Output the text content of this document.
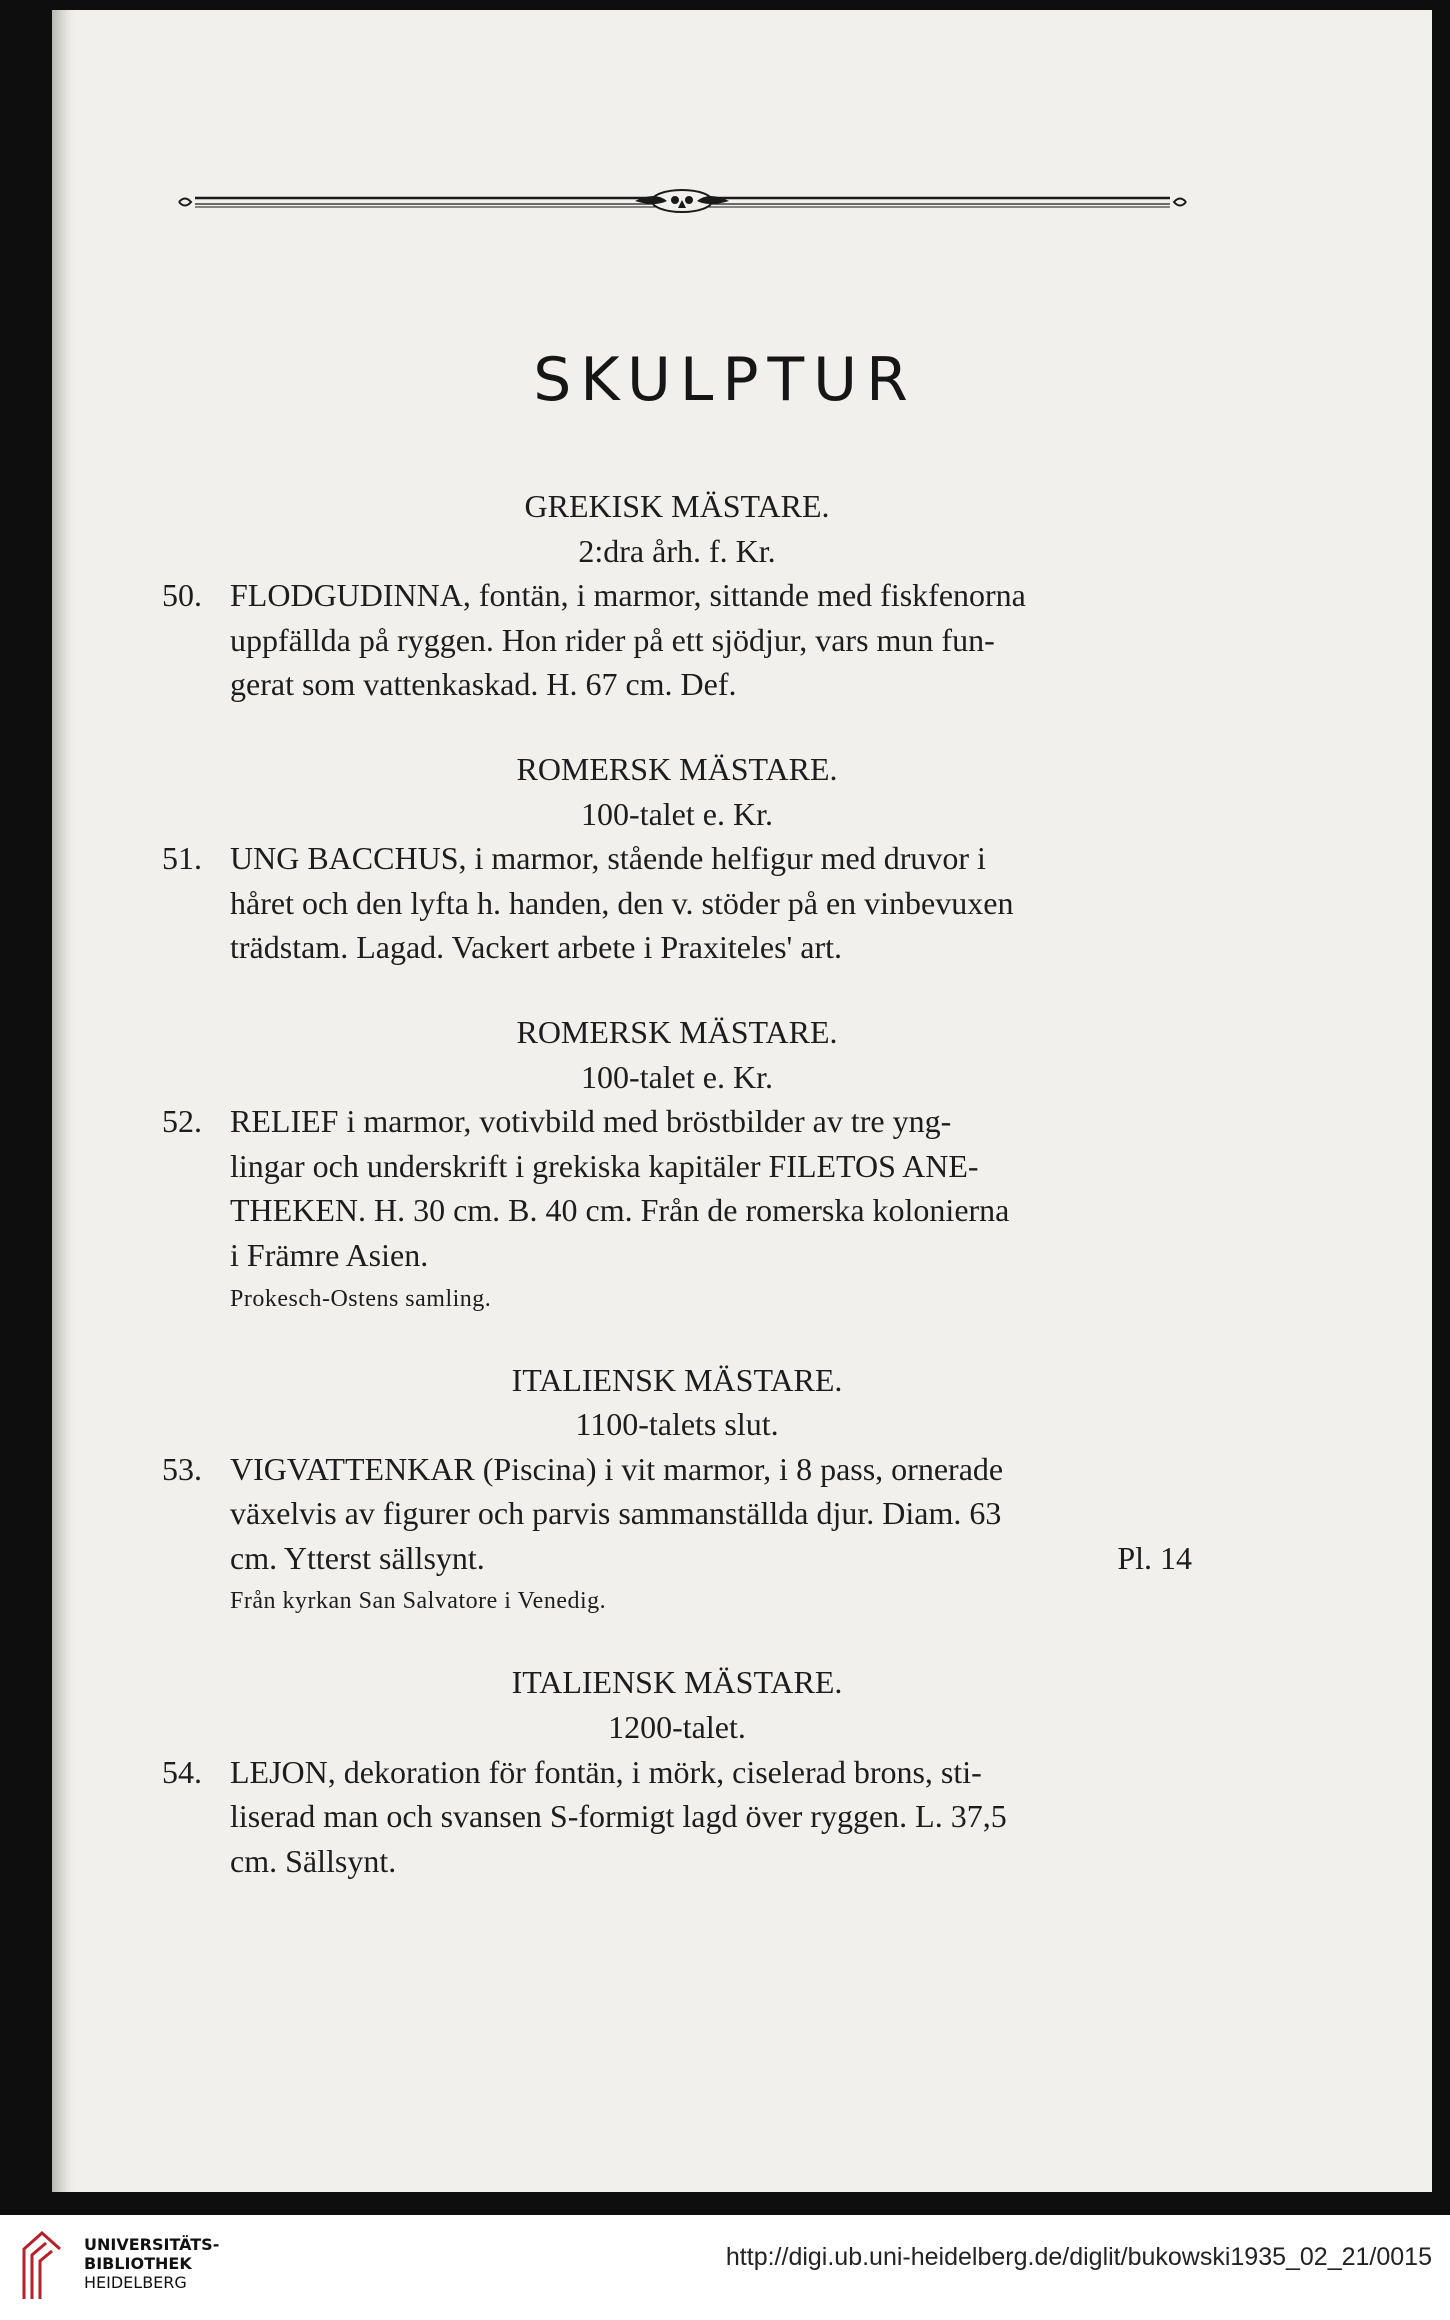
SKULPTUR
GREKISK MÄSTARE.
2:dra årh. f. Kr.
50. FLODGUDINNA, fontän, i marmor, sittande med fiskfenorna
uppfällda på ryggen. Hon rider på ett sjödjur, vars mun fun-
gerat som vattenkaskad. H. 67 cm. Def.
ROMERSK MÄSTARE.
100-talet e. Kr.
51. UNG BACCHUS, i marmor, stående helfigur med druvor i
håret och den lyfta h. handen, den v. stöder på en vinbevuxen
trädstam. Lagad. Vackert arbete i Praxiteles' art.
ROMERSK MÄSTARE.
100-talet e. Kr.
52. RELIEF i marmor, votivbild med bröstbilder av tre yng-
lingar och underskrift i grekiska kapitäler FILETOS ANE-
THEKEN. H. 30 cm. B. 40 cm. Från de romerska kolonierna
i Främre Asien.
Prokesch-Ostens samling.
ITALIENSK MÄSTARE.
1100-talets slut.
53. VIGVATTENKAR (Piscina) i vit marmor, i 8 pass, ornerade
växelvis av figurer och parvis sammanställda djur. Diam. 63
cm. Ytterst sällsynt.	Pl. 14
Från kyrkan San Salvatore i Venedig.
ITALIENSK MÄSTARE.
1200-talet.
54. LEJON, dekoration för fontän, i mörk, ciselerad brons, sti-
liserad man och svansen S-formigt lagd över ryggen. L. 37,5
cm. Sällsynt.
UNIVERSITÄTS-
BIBLIOTHEK
HEIDELBERG
http://digi.ub.uni-heidelberg.de/diglit/bukowski1935_02_21/0015
